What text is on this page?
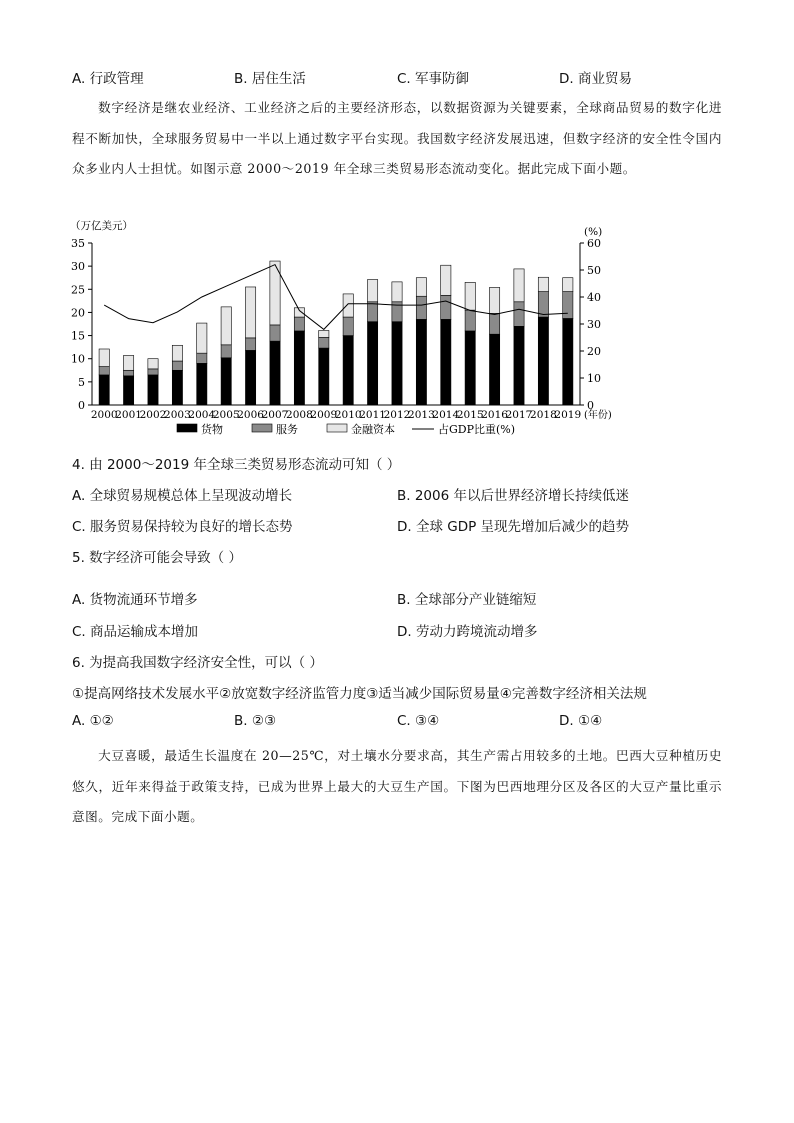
A. 行政管理	B. 居住生活	C. 军事防御	D. 商业贸易
数字经济是继农业经济、工业经济之后的主要经济形态，以数据资源为关键要素，全球商品贸易的数字化进程不断加快，全球服务贸易中一半以上通过数字平台实现。我国数字经济发展迅速，但数字经济的安全性令国内众多业内人士担忧。如图示意 2000～2019 年全球三类贸易形态流动变化。据此完成下面小题。
（万亿美元）	(%)
0
5
10
15
20
25
30
35
0
10
20
30
40
50
60
2000
2001
2002
2003
2004
2005
2006
2007
2008
2009
2010
2011
2012
2013
2014
2015
2016
2017
2018
2019 (年份)
货物	服务	金融资本	占GDP比重(%)
4. 由 2000～2019 年全球三类贸易形态流动可知（ ）
A. 全球贸易规模总体上呈现波动增长	B. 2006 年以后世界经济增长持续低迷
C. 服务贸易保持较为良好的增长态势	D. 全球 GDP 呈现先增加后减少的趋势
5. 数字经济可能会导致（ ）
A. 货物流通环节增多	B. 全球部分产业链缩短
C. 商品运输成本增加	D. 劳动力跨境流动增多
6. 为提高我国数字经济安全性，可以（ ）
①提高网络技术发展水平②放宽数字经济监管力度③适当减少国际贸易量④完善数字经济相关法规
A. ①②	B. ②③	C. ③④	D. ①④
大豆喜暖，最适生长温度在 20—25℃，对土壤水分要求高，其生产需占用较多的土地。巴西大豆种植历史悠久，近年来得益于政策支持，已成为世界上最大的大豆生产国。下图为巴西地理分区及各区的大豆产量比重示意图。完成下面小题。
